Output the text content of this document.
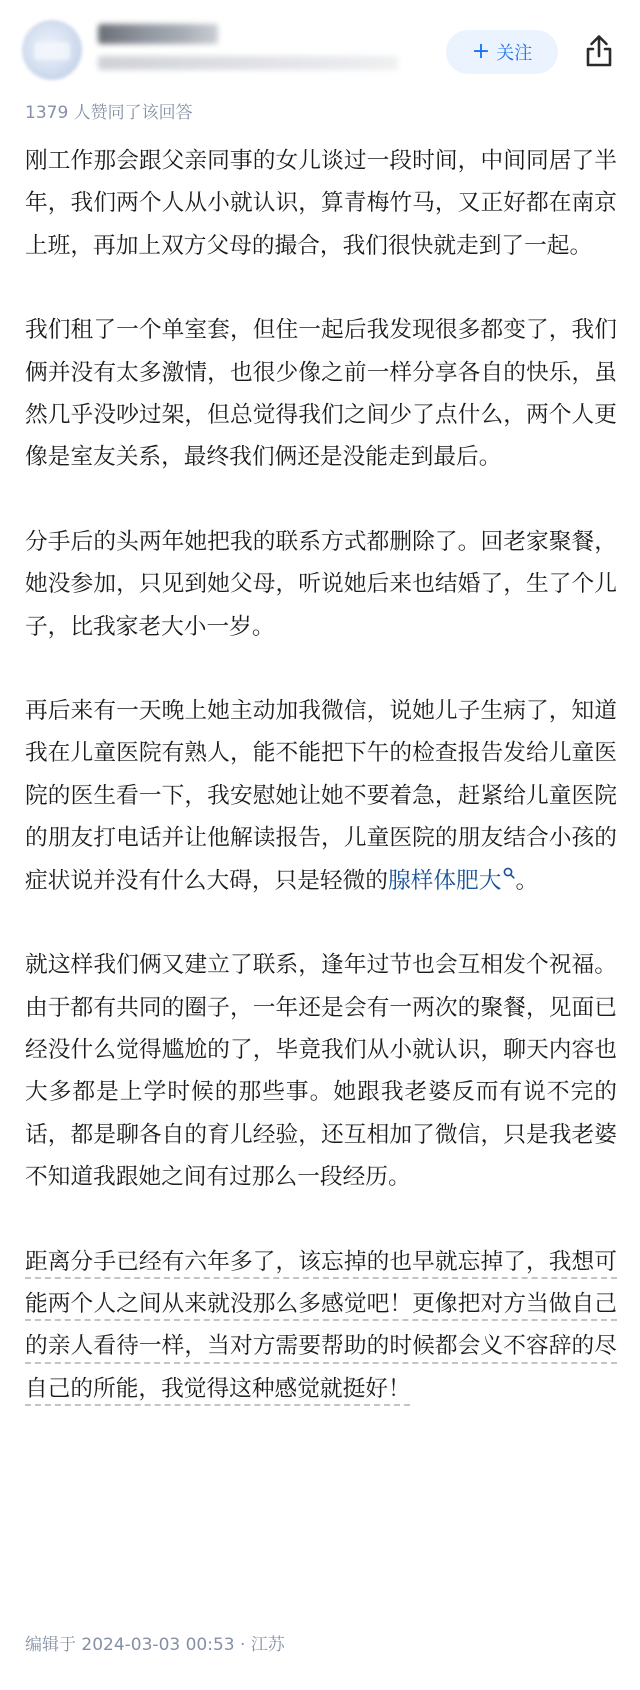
+ 关注
1379 人赞同了该回答

刚工作那会跟父亲同事的女儿谈过一段时间，中间同居了半年，我们两个人从小就认识，算青梅竹马，又正好都在南京上班，再加上双方父母的撮合，我们很快就走到了一起。

我们租了一个单室套，但住一起后我发现很多都变了，我们俩并没有太多激情，也很少像之前一样分享各自的快乐，虽然几乎没吵过架，但总觉得我们之间少了点什么，两个人更像是室友关系，最终我们俩还是没能走到最后。

分手后的头两年她把我的联系方式都删除了。回老家聚餐，她没参加，只见到她父母，听说她后来也结婚了，生了个儿子，比我家老大小一岁。

再后来有一天晚上她主动加我微信，说她儿子生病了，知道我在儿童医院有熟人，能不能把下午的检查报告发给儿童医院的医生看一下，我安慰她让她不要着急，赶紧给儿童医院的朋友打电话并让他解读报告，儿童医院的朋友结合小孩的症状说并没有什么大碍，只是轻微的腺样体肥大 。

就这样我们俩又建立了联系，逢年过节也会互相发个祝福。由于都有共同的圈子，一年还是会有一两次的聚餐，见面已经没什么觉得尴尬的了，毕竟我们从小就认识，聊天内容也大多都是上学时候的那些事。她跟我老婆反而有说不完的话，都是聊各自的育儿经验，还互相加了微信，只是我老婆不知道我跟她之间有过那么一段经历。

距离分手已经有六年多了，该忘掉的也早就忘掉了，我想可能两个人之间从来就没那么多感觉吧！更像把对方当做自己的亲人看待一样，当对方需要帮助的时候都会义不容辞的尽自己的所能，我觉得这种感觉就挺好！

编辑于 2024-03-03 00:53 · 江苏
